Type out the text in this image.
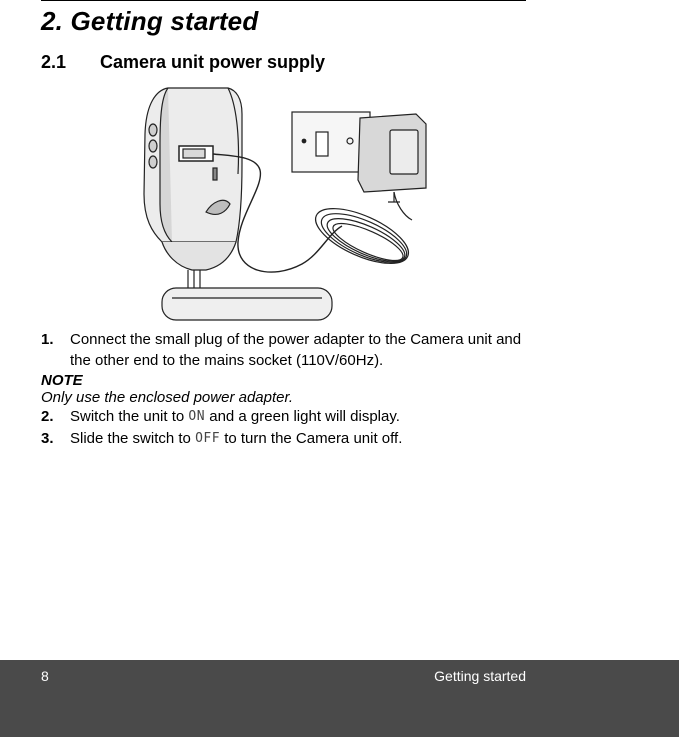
2. Getting started
2.1 Camera unit power supply
1. Connect the small plug of the power adapter to the Camera unit and the other end to the mains socket (110V/60Hz).
NOTE
Only use the enclosed power adapter.
2. Switch the unit to ON and a green light will display.
3. Slide the switch to OFF to turn the Camera unit off.
8	Getting started
